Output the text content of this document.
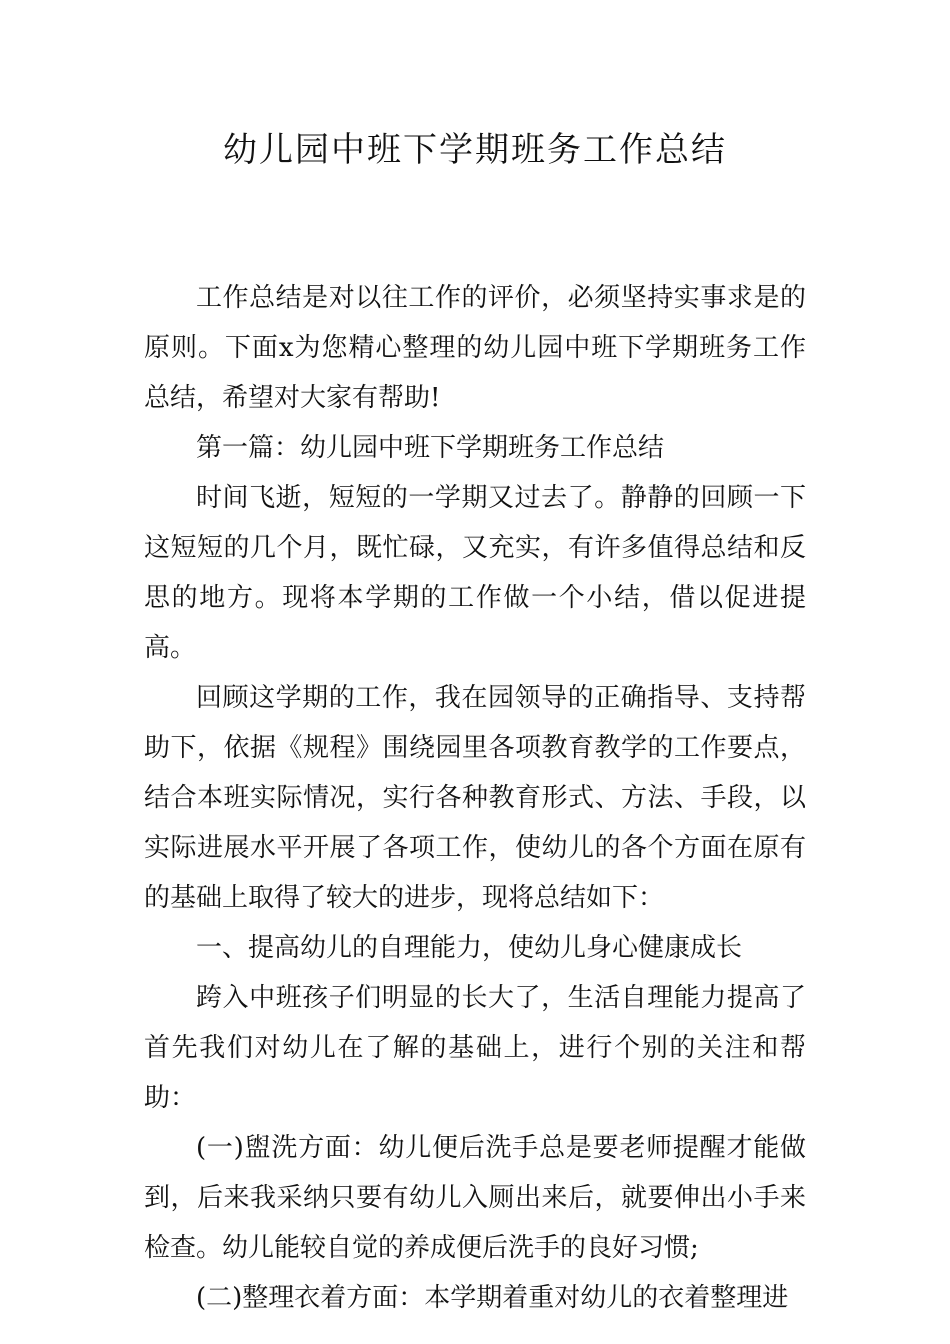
幼儿园中班下学期班务工作总结

工作总结是对以往工作的评价，必须坚持实事求是的原则。下面x为您精心整理的幼儿园中班下学期班务工作总结，希望对大家有帮助!

第一篇：幼儿园中班下学期班务工作总结

时间飞逝，短短的一学期又过去了。静静的回顾一下这短短的几个月，既忙碌，又充实，有许多值得总结和反思的地方。现将本学期的工作做一个小结，借以促进提高。

回顾这学期的工作，我在园领导的正确指导、支持帮助下，依据《规程》围绕园里各项教育教学的工作要点，结合本班实际情况，实行各种教育形式、方法、手段，以实际进展水平开展了各项工作，使幼儿的各个方面在原有的基础上取得了较大的进步，现将总结如下：

一、提高幼儿的自理能力，使幼儿身心健康成长

跨入中班孩子们明显的长大了，生活自理能力提高了首先我们对幼儿在了解的基础上，进行个别的关注和帮助：

(一)盥洗方面：幼儿便后洗手总是要老师提醒才能做到，后来我采纳只要有幼儿入厕出来后，就要伸出小手来检查。幼儿能较自觉的养成便后洗手的良好习惯;

(二)整理衣着方面：本学期着重对幼儿的衣着整理进
